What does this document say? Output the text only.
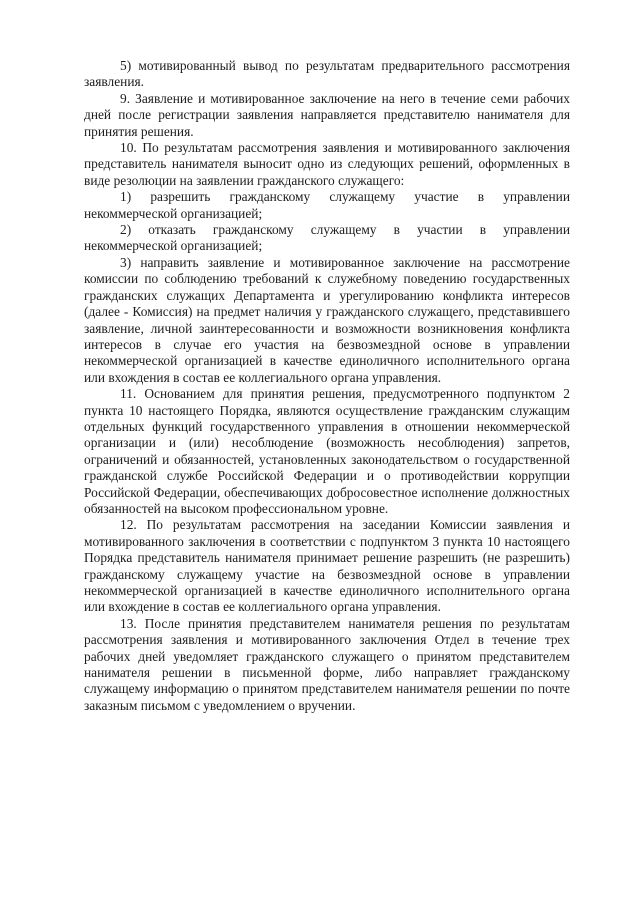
5) мотивированный вывод по результатам предварительного рассмотрения заявления.

9. Заявление и мотивированное заключение на него в течение семи рабочих дней после регистрации заявления направляется представителю нанимателя для принятия решения.

10. По результатам рассмотрения заявления и мотивированного заключения представитель нанимателя выносит одно из следующих решений, оформленных в виде резолюции на заявлении гражданского служащего:

1) разрешить гражданскому служащему участие в управлении некоммерческой организацией;

2) отказать гражданскому служащему в участии в управлении некоммерческой организацией;

3) направить заявление и мотивированное заключение на рассмотрение комиссии по соблюдению требований к служебному поведению государственных гражданских служащих Департамента и урегулированию конфликта интересов (далее - Комиссия) на предмет наличия у гражданского служащего, представившего заявление, личной заинтересованности и возможности возникновения конфликта интересов в случае его участия на безвозмездной основе в управлении некоммерческой организацией в качестве единоличного исполнительного органа или вхождения в состав ее коллегиального органа управления.

11. Основанием для принятия решения, предусмотренного подпунктом 2 пункта 10 настоящего Порядка, являются осуществление гражданским служащим отдельных функций государственного управления в отношении некоммерческой организации и (или) несоблюдение (возможность несоблюдения) запретов, ограничений и обязанностей, установленных законодательством о государственной гражданской службе Российской Федерации и о противодействии коррупции Российской Федерации, обеспечивающих добросовестное исполнение должностных обязанностей на высоком профессиональном уровне.

12. По результатам рассмотрения на заседании Комиссии заявления и мотивированного заключения в соответствии с подпунктом 3 пункта 10 настоящего Порядка представитель нанимателя принимает решение разрешить (не разрешить) гражданскому служащему участие на безвозмездной основе в управлении некоммерческой организацией в качестве единоличного исполнительного органа или вхождение в состав ее коллегиального органа управления.

13. После принятия представителем нанимателя решения по результатам рассмотрения заявления и мотивированного заключения Отдел в течение трех рабочих дней уведомляет гражданского служащего о принятом представителем нанимателя решении в письменной форме, либо направляет гражданскому служащему информацию о принятом представителем нанимателя решении по почте заказным письмом с уведомлением о вручении.
